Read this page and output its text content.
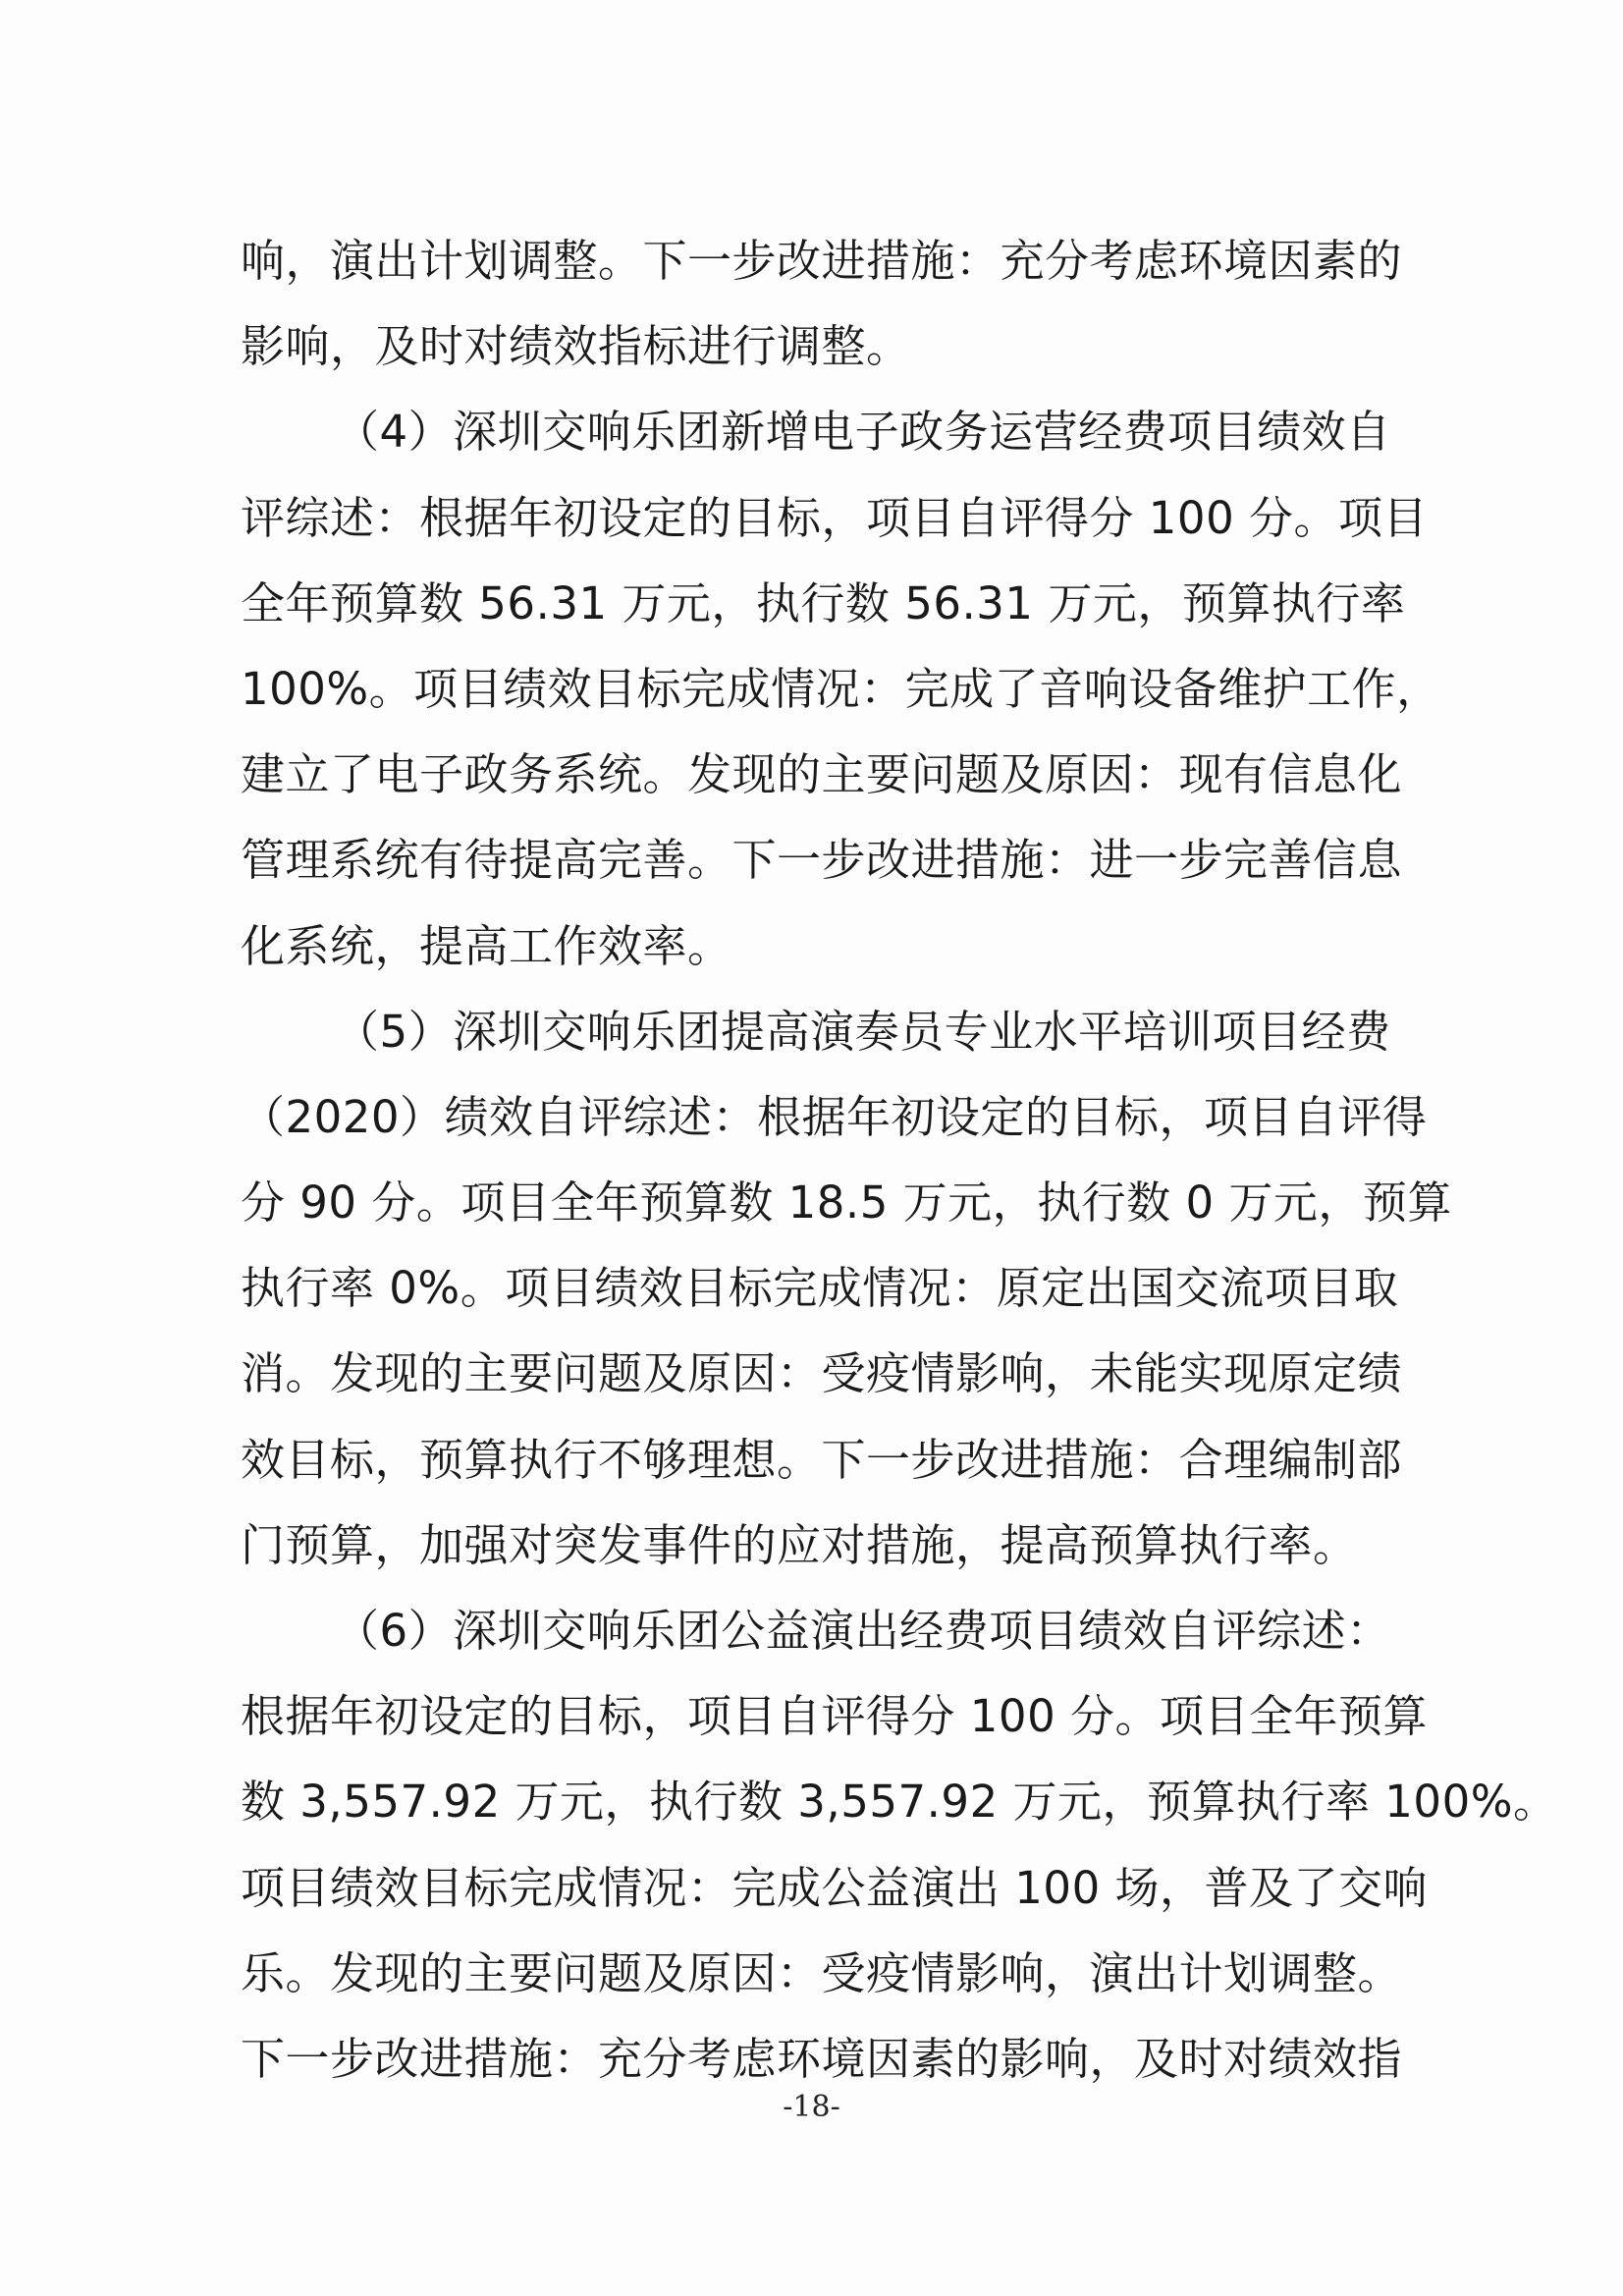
响，演出计划调整。下一步改进措施：充分考虑环境因素的
影响，及时对绩效指标进行调整。
（4）深圳交响乐团新增电子政务运营经费项目绩效自
评综述：根据年初设定的目标，项目自评得分 100 分。项目
全年预算数 56.31 万元，执行数 56.31 万元，预算执行率
100%。项目绩效目标完成情况：完成了音响设备维护工作，
建立了电子政务系统。发现的主要问题及原因：现有信息化
管理系统有待提高完善。下一步改进措施：进一步完善信息
化系统，提高工作效率。
（5）深圳交响乐团提高演奏员专业水平培训项目经费
（2020）绩效自评综述：根据年初设定的目标，项目自评得
分 90 分。项目全年预算数 18.5 万元，执行数 0 万元，预算
执行率 0%。项目绩效目标完成情况：原定出国交流项目取
消。发现的主要问题及原因：受疫情影响，未能实现原定绩
效目标，预算执行不够理想。下一步改进措施：合理编制部
门预算，加强对突发事件的应对措施，提高预算执行率。
（6）深圳交响乐团公益演出经费项目绩效自评综述：
根据年初设定的目标，项目自评得分 100 分。项目全年预算
数 3,557.92 万元，执行数 3,557.92 万元，预算执行率 100%。
项目绩效目标完成情况：完成公益演出 100 场，普及了交响
乐。发现的主要问题及原因：受疫情影响，演出计划调整。
下一步改进措施：充分考虑环境因素的影响，及时对绩效指
-18-
